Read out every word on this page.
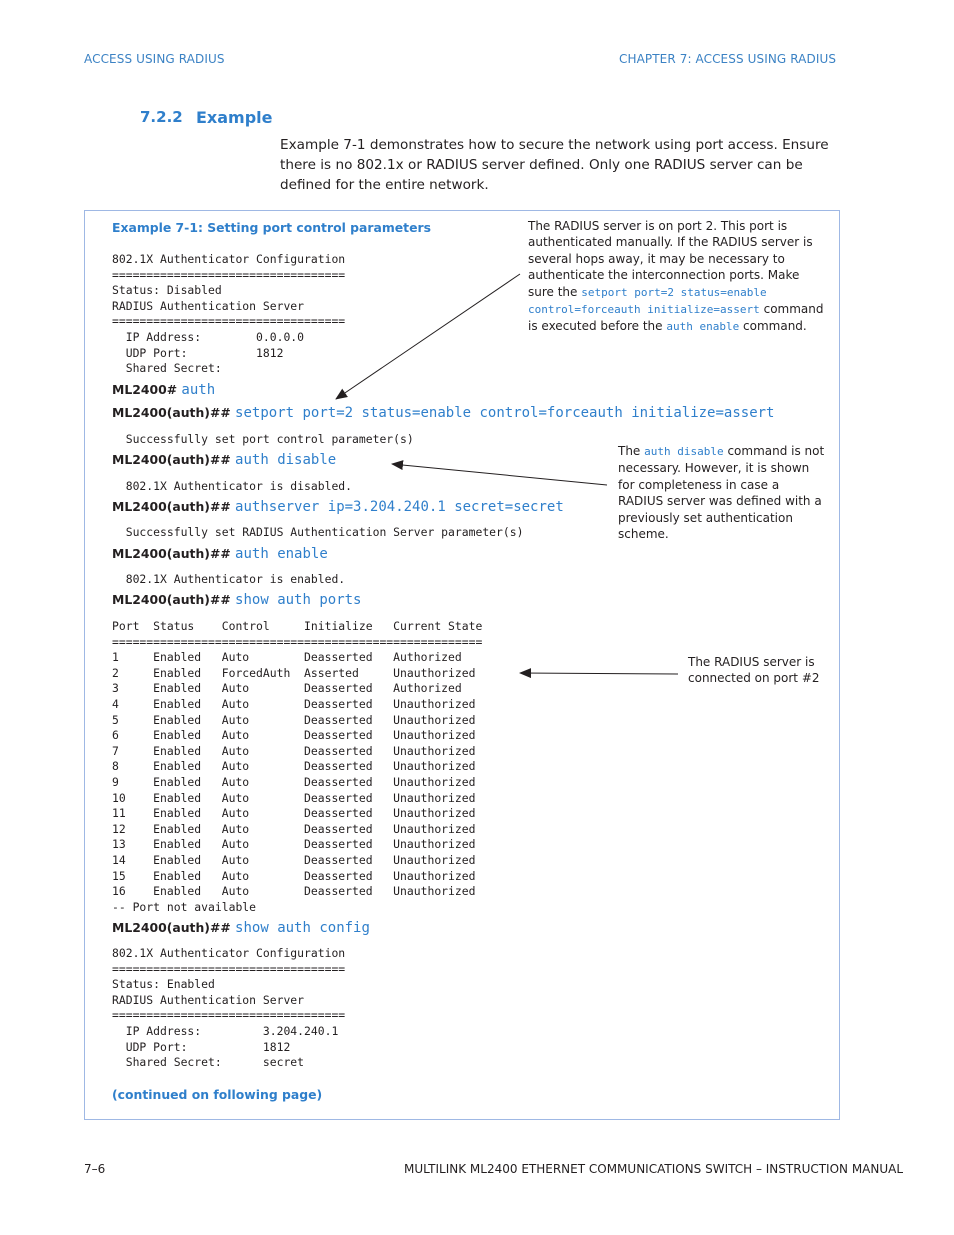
ACCESS USING RADIUS	CHAPTER 7: ACCESS USING RADIUS
7.2.2 Example
Example 7-1 demonstrates how to secure the network using port access. Ensure there is no 802.1x or RADIUS server defined. Only one RADIUS server can be defined for the entire network.
Example 7-1: Setting port control parameters
802.1X Authenticator Configuration
==================================
Status: Disabled
RADIUS Authentication Server
==================================
IP Address:        0.0.0.0
UDP Port:          1812
Shared Secret:
ML2400# auth
ML2400(auth)## setport port=2 status=enable control=forceauth initialize=assert
Successfully set port control parameter(s)
ML2400(auth)## auth disable
802.1X Authenticator is disabled.
ML2400(auth)## authserver ip=3.204.240.1 secret=secret
Successfully set RADIUS Authentication Server parameter(s)
ML2400(auth)## auth enable
802.1X Authenticator is enabled.
ML2400(auth)## show auth ports
Port  Status    Control     Initialize   Current State
======================================================
1     Enabled   Auto        Deasserted   Authorized
2     Enabled   ForcedAuth  Asserted     Unauthorized
3     Enabled   Auto        Deasserted   Authorized
4     Enabled   Auto        Deasserted   Unauthorized
5     Enabled   Auto        Deasserted   Unauthorized
6     Enabled   Auto        Deasserted   Unauthorized
7     Enabled   Auto        Deasserted   Unauthorized
8     Enabled   Auto        Deasserted   Unauthorized
9     Enabled   Auto        Deasserted   Unauthorized
10    Enabled   Auto        Deasserted   Unauthorized
11    Enabled   Auto        Deasserted   Unauthorized
12    Enabled   Auto        Deasserted   Unauthorized
13    Enabled   Auto        Deasserted   Unauthorized
14    Enabled   Auto        Deasserted   Unauthorized
15    Enabled   Auto        Deasserted   Unauthorized
16    Enabled   Auto        Deasserted   Unauthorized
-- Port not available
ML2400(auth)## show auth config
802.1X Authenticator Configuration
==================================
Status: Enabled
RADIUS Authentication Server
==================================
IP Address:         3.204.240.1
UDP Port:           1812
Shared Secret:      secret
(continued on following page)
The RADIUS server is on port 2. This port is authenticated manually. If the RADIUS server is several hops away, it may be necessary to authenticate the interconnection ports. Make sure the setport port=2 status=enable control=forceauth initialize=assert command is executed before the auth enable command.
The auth disable command is not necessary. However, it is shown for completeness in case a RADIUS server was defined with a previously set authentication scheme.
The RADIUS server is connected on port #2
7–6	MULTILINK ML2400 ETHERNET COMMUNICATIONS SWITCH – INSTRUCTION MANUAL
